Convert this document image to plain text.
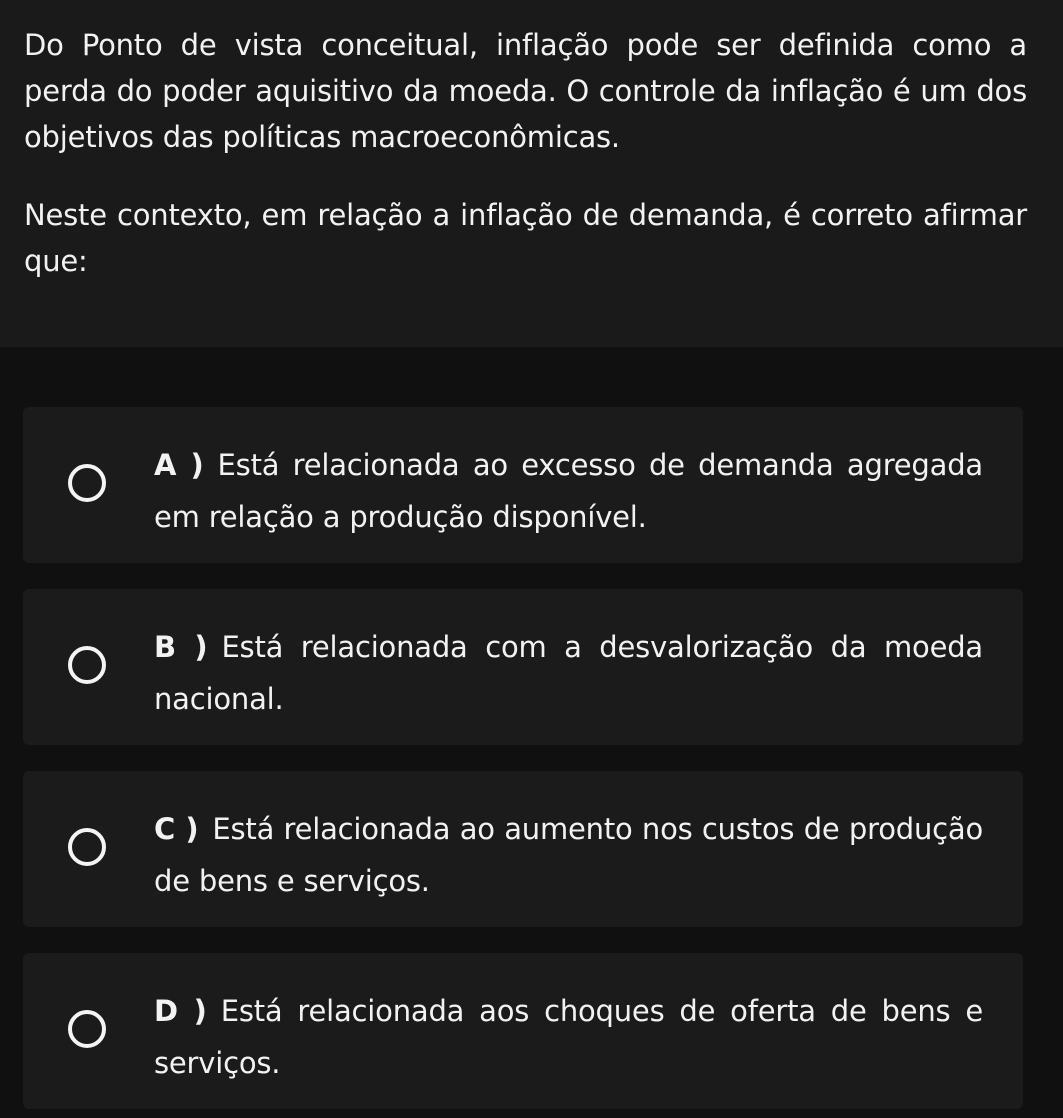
Do Ponto de vista conceitual, inflação pode ser definida como a perda do poder aquisitivo da moeda. O controle da inflação é um dos objetivos das políticas macroeconômicas.

Neste contexto, em relação a inflação de demanda, é correto afirmar que:

A ) Está relacionada ao excesso de demanda agregada em relação a produção disponível.

B ) Está relacionada com a desvalorização da moeda nacional.

C ) Está relacionada ao aumento nos custos de produção de bens e serviços.

D ) Está relacionada aos choques de oferta de bens e serviços.
